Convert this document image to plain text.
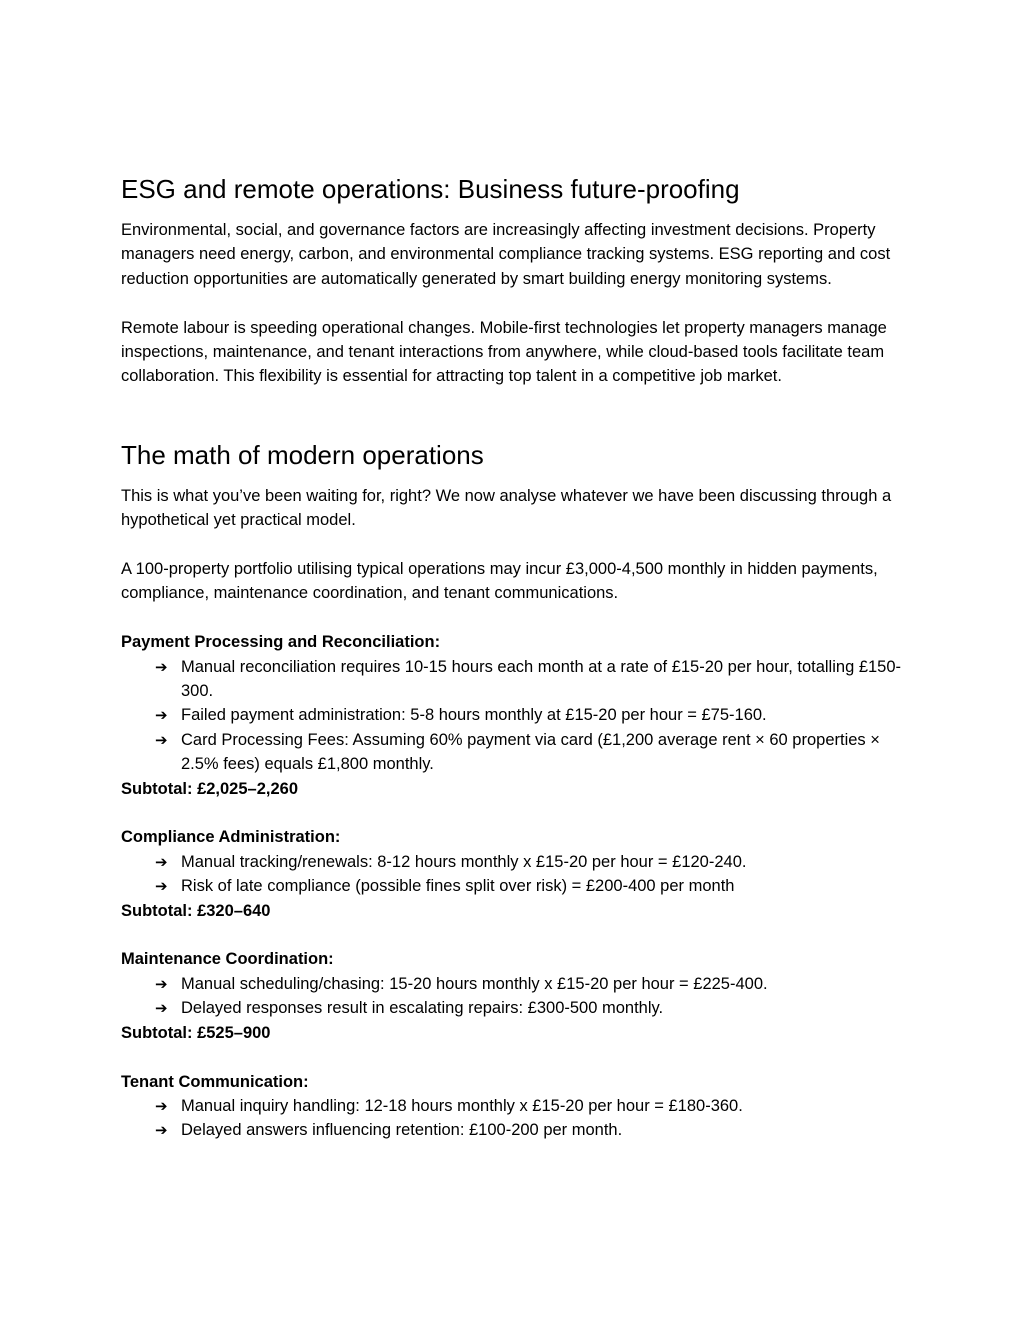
ESG and remote operations: Business future-proofing

Environmental, social, and governance factors are increasingly affecting investment decisions. Property managers need energy, carbon, and environmental compliance tracking systems. ESG reporting and cost reduction opportunities are automatically generated by smart building energy monitoring systems.

Remote labour is speeding operational changes. Mobile-first technologies let property managers manage inspections, maintenance, and tenant interactions from anywhere, while cloud-based tools facilitate team collaboration. This flexibility is essential for attracting top talent in a competitive job market.

The math of modern operations

This is what you’ve been waiting for, right? We now analyse whatever we have been discussing through a hypothetical yet practical model.

A 100-property portfolio utilising typical operations may incur £3,000-4,500 monthly in hidden payments, compliance, maintenance coordination, and tenant communications.

Payment Processing and Reconciliation:

➔ Manual reconciliation requires 10-15 hours each month at a rate of £15-20 per hour, totalling £150-300.
➔ Failed payment administration: 5-8 hours monthly at £15-20 per hour = £75-160.
➔ Card Processing Fees: Assuming 60% payment via card (£1,200 average rent × 60 properties × 2.5% fees) equals £1,800 monthly.

Subtotal: £2,025–2,260

Compliance Administration:

➔ Manual tracking/renewals: 8-12 hours monthly x £15-20 per hour = £120-240.
➔ Risk of late compliance (possible fines split over risk) = £200-400 per month

Subtotal: £320–640

Maintenance Coordination:

➔ Manual scheduling/chasing: 15-20 hours monthly x £15-20 per hour = £225-400.
➔ Delayed responses result in escalating repairs: £300-500 monthly.

Subtotal: £525–900

Tenant Communication:

➔ Manual inquiry handling: 12-18 hours monthly x £15-20 per hour = £180-360.
➔ Delayed answers influencing retention: £100-200 per month.
